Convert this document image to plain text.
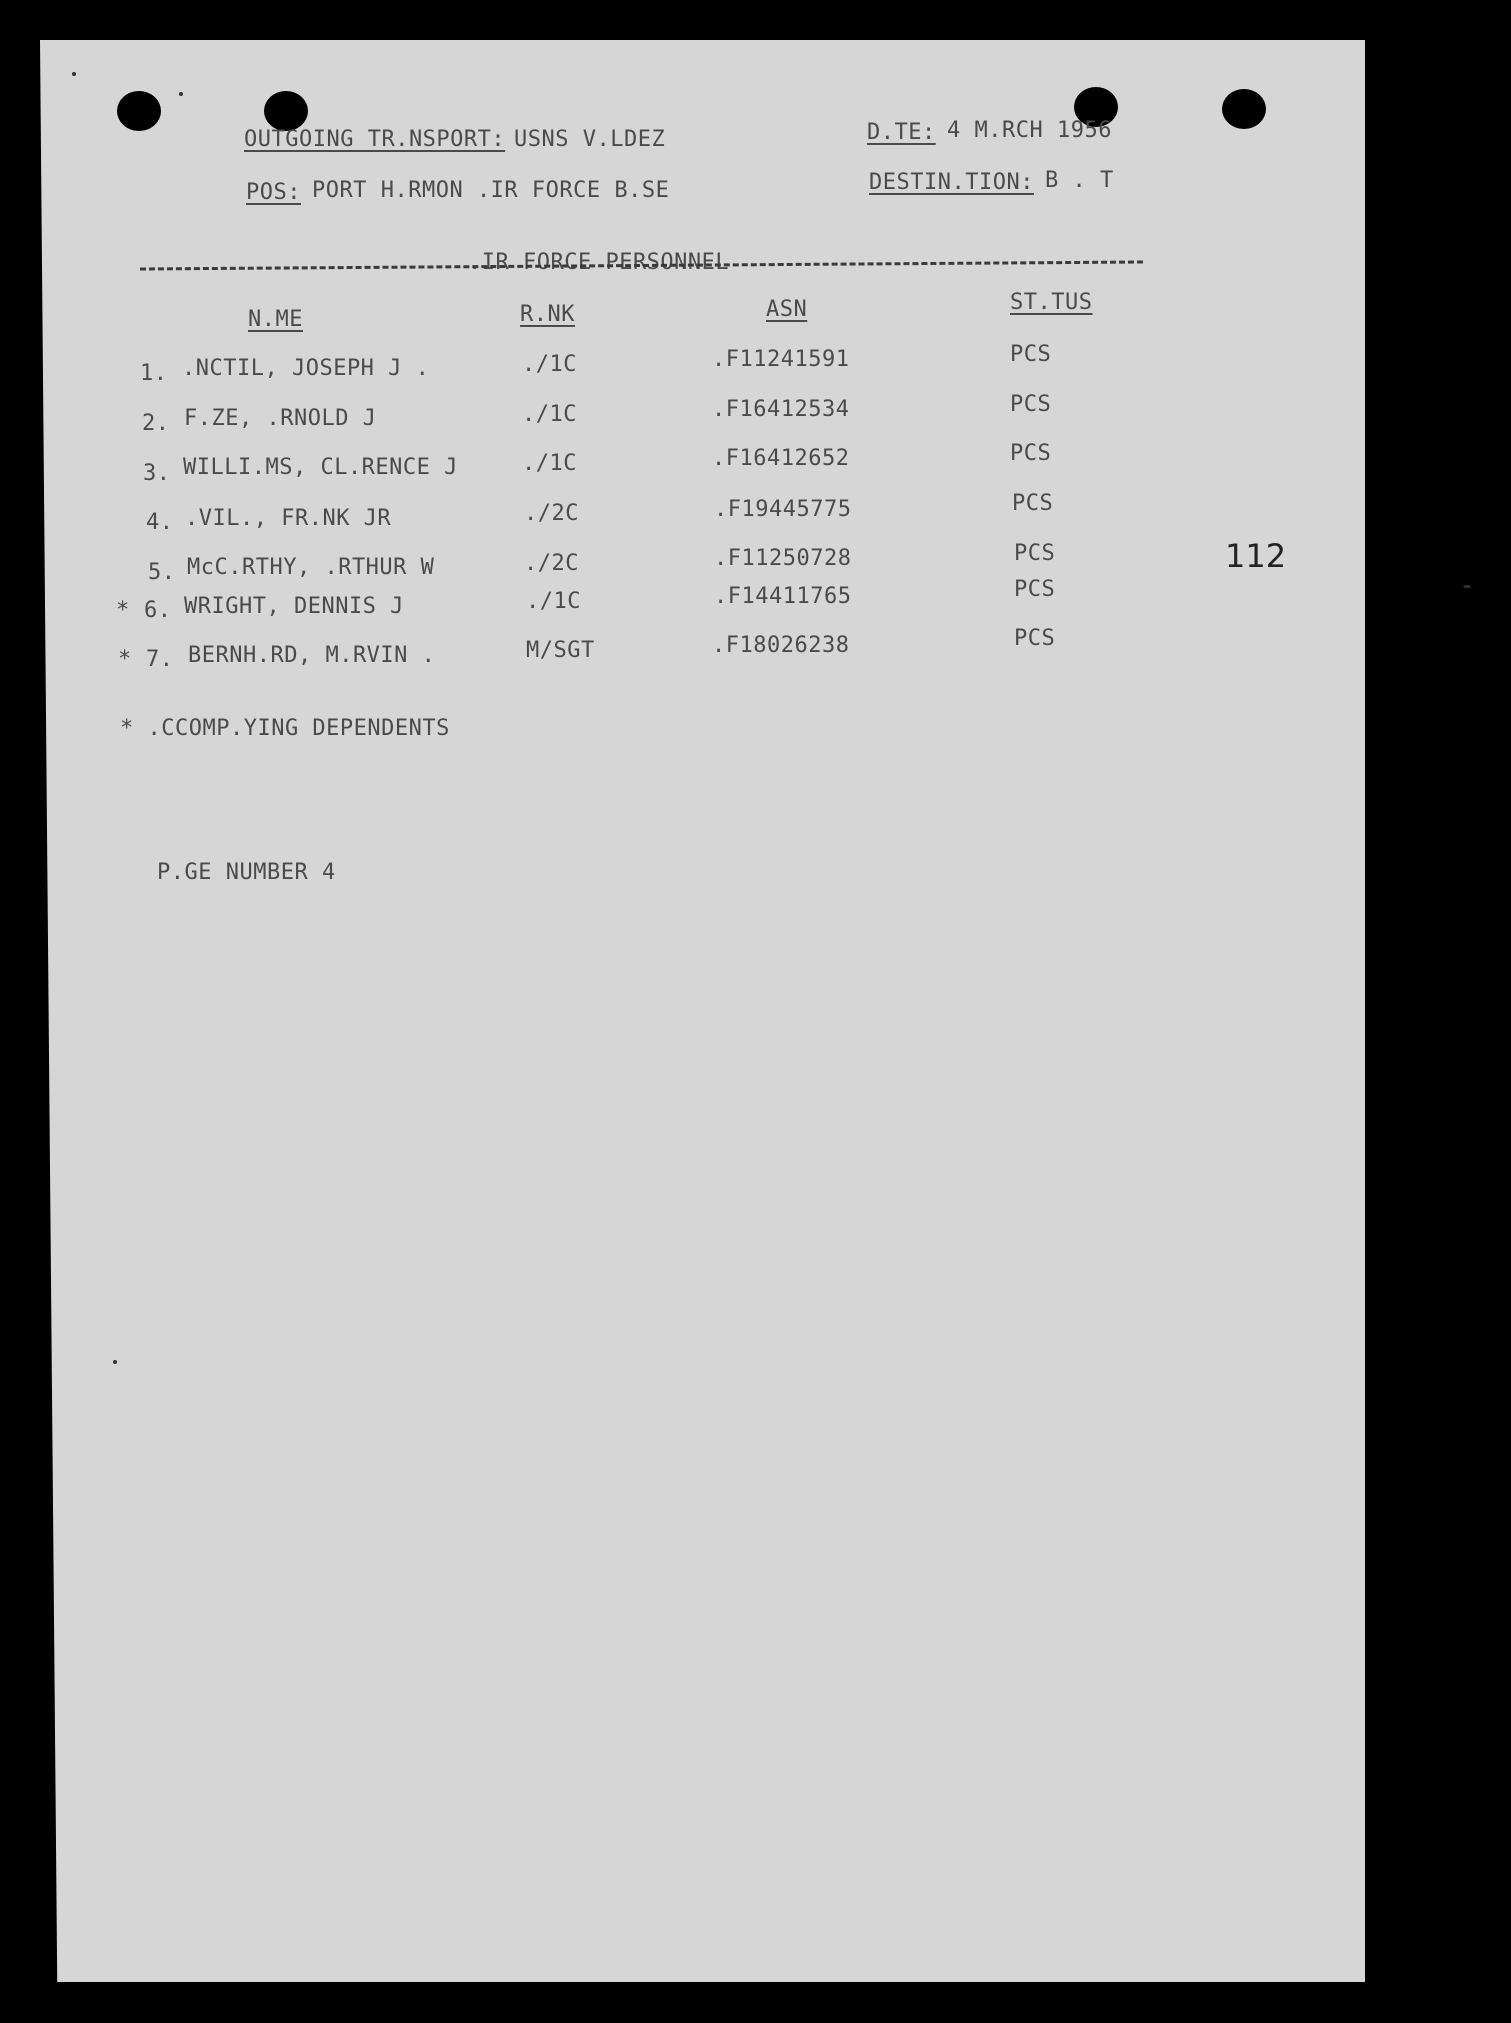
OUTGOING TR.NSPORT: USNS V.LDEZ
POS: PORT H.RMON .IR FORCE B.SE
D.TE: 4 M.RCH 1956
DESTIN.TION: B . T
.IR FORCE PERSONNEL
N.ME	R.NK	ASN	ST.TUS
1. .NCTIL, JOSEPH J .	./1C	.F11241591	PCS
2. F.ZE, .RNOLD J	./1C	.F16412534	PCS
3. WILLI.MS, CL.RENCE J	./1C	.F16412652	PCS
4. .VIL., FR.NK JR	./2C	.F19445775	PCS
5. McC.RTHY, .RTHUR W	./2C	.F11250728	PCS
* 6. WRIGHT, DENNIS J	./1C	.F14411765	PCS
* 7. BERNH.RD, M.RVIN .	M/SGT	.F18026238	PCS
* .CCOMP.YING DEPENDENTS
P.GE NUMBER 4
112
